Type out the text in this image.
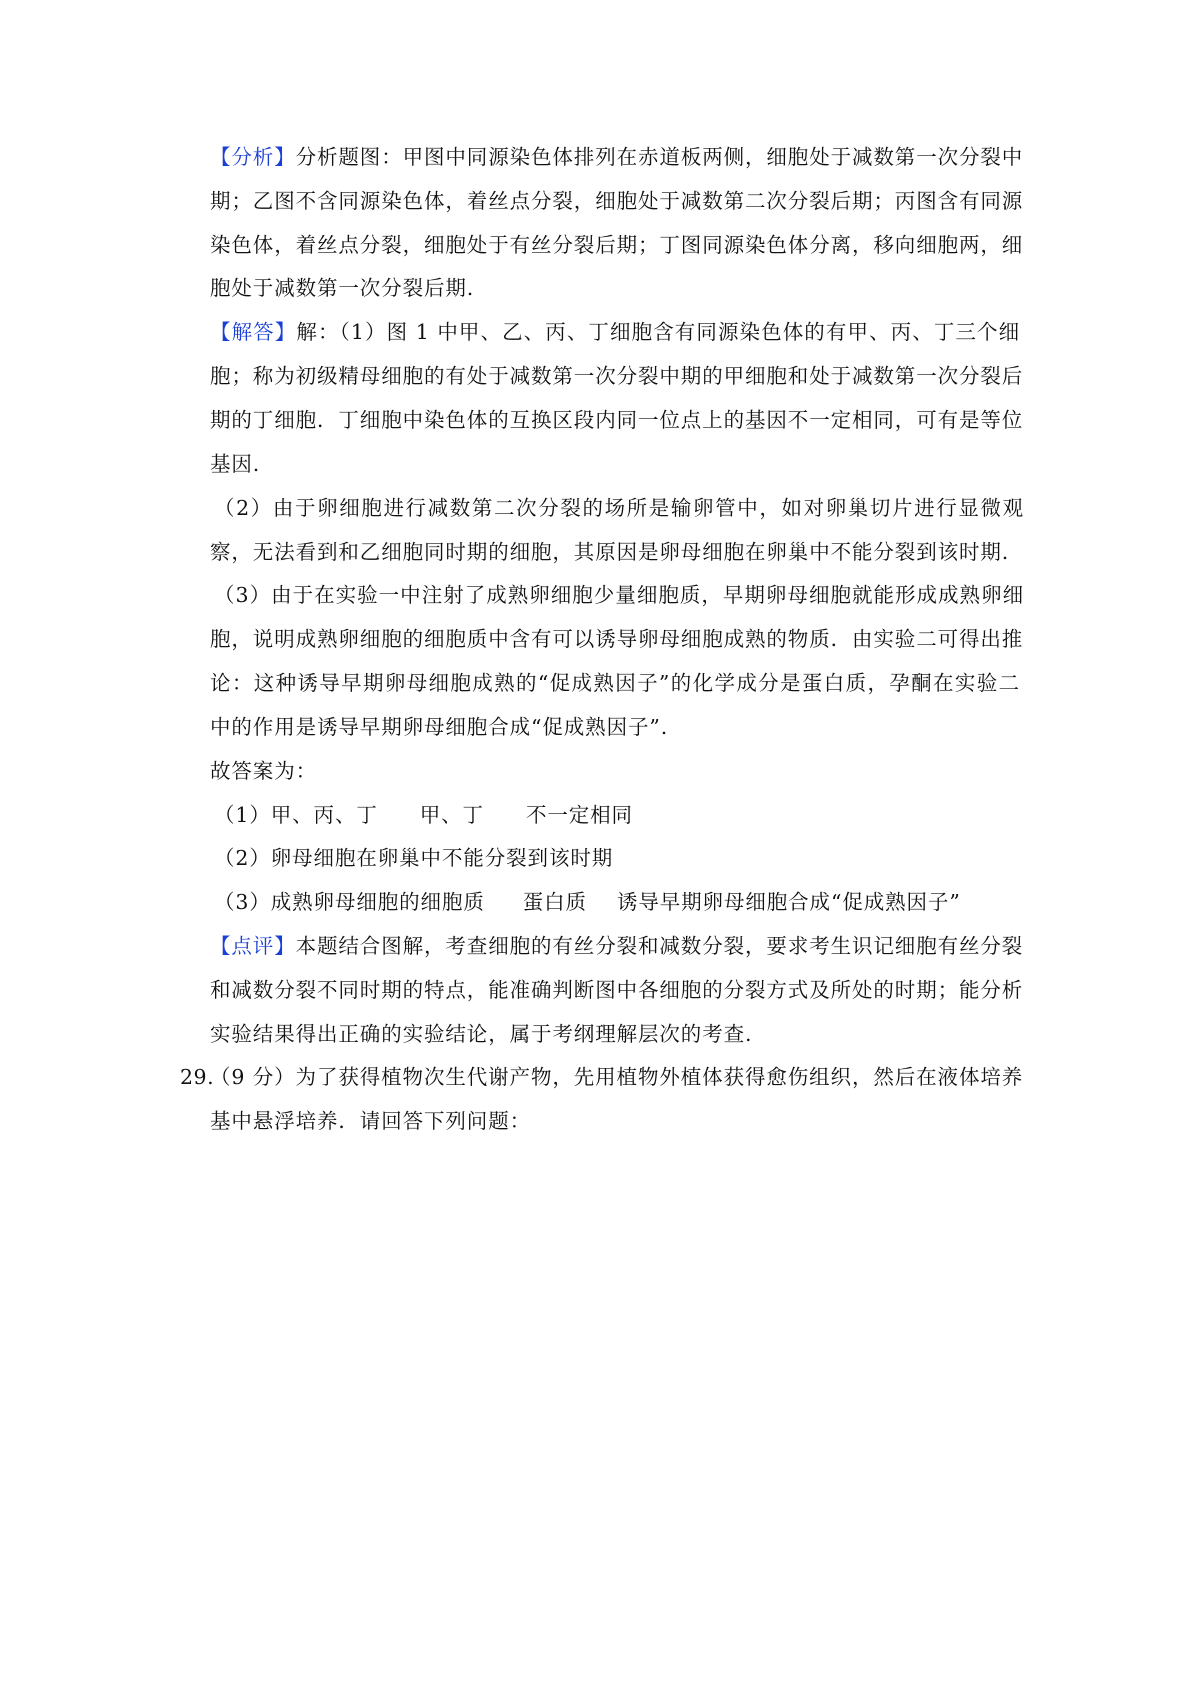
【分析】分析题图：甲图中同源染色体排列在赤道板两侧，细胞处于减数第一次分裂中
期；乙图不含同源染色体，着丝点分裂，细胞处于减数第二次分裂后期；丙图含有同源
染色体，着丝点分裂，细胞处于有丝分裂后期；丁图同源染色体分离，移向细胞两，细
胞处于减数第一次分裂后期.
【解答】解：（1）图 1 中甲、乙、丙、丁细胞含有同源染色体的有甲、丙、丁三个细
胞；称为初级精母细胞的有处于减数第一次分裂中期的甲细胞和处于减数第一次分裂后
期的丁细胞．丁细胞中染色体的互换区段内同一位点上的基因不一定相同，可有是等位
基因.
（2）由于卵细胞进行减数第二次分裂的场所是输卵管中，如对卵巢切片进行显微观
察，无法看到和乙细胞同时期的细胞，其原因是卵母细胞在卵巢中不能分裂到该时期.
（3）由于在实验一中注射了成熟卵细胞少量细胞质，早期卵母细胞就能形成成熟卵细
胞，说明成熟卵细胞的细胞质中含有可以诱导卵母细胞成熟的物质．由实验二可得出推
论：这种诱导早期卵母细胞成熟的“促成熟因子”的化学成分是蛋白质，孕酮在实验二
中的作用是诱导早期卵母细胞合成“促成熟因子”.
故答案为：
（1）甲、丙、丁 甲、丁 不一定相同
（2）卵母细胞在卵巢中不能分裂到该时期
（3）成熟卵母细胞的细胞质 蛋白质 诱导早期卵母细胞合成“促成熟因子”
【点评】本题结合图解，考查细胞的有丝分裂和减数分裂，要求考生识记细胞有丝分裂
和减数分裂不同时期的特点，能准确判断图中各细胞的分裂方式及所处的时期；能分析
实验结果得出正确的实验结论，属于考纲理解层次的考查.
29.
（9 分）为了获得植物次生代谢产物，先用植物外植体获得愈伤组织，然后在液体培养
基中悬浮培养．请回答下列问题：
